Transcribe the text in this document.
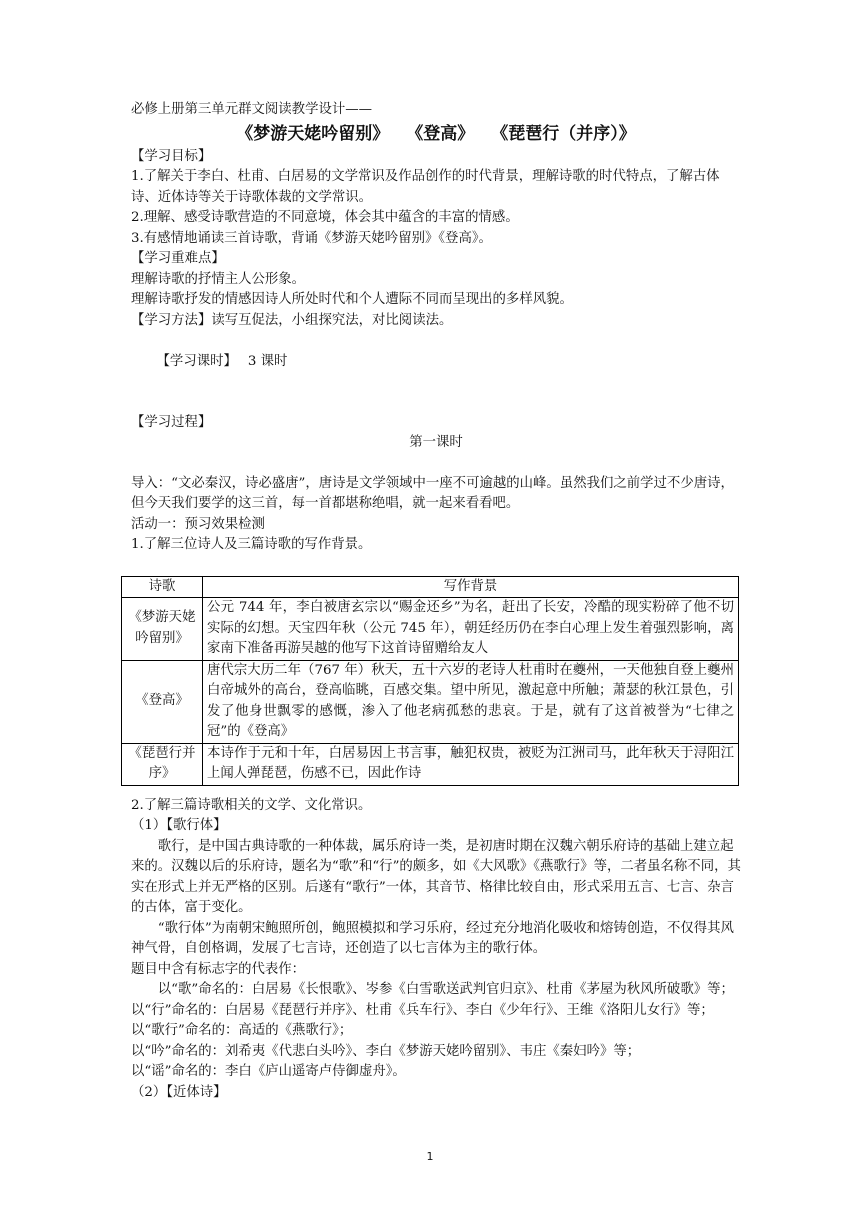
必修上册第三单元群文阅读教学设计——
《梦游天姥吟留别》　　《登高》　　《琵琶行（并序）》
【学习目标】
1.了解关于李白、杜甫、白居易的文学常识及作品创作的时代背景，理解诗歌的时代特点，了解古体诗、近体诗等关于诗歌体裁的文学常识。
2.理解、感受诗歌营造的不同意境，体会其中蕴含的丰富的情感。
3.有感情地诵读三首诗歌，背诵《梦游天姥吟留别》《登高》。
【学习重难点】
理解诗歌的抒情主人公形象。
理解诗歌抒发的情感因诗人所处时代和个人遭际不同而呈现出的多样风貌。
【学习方法】读写互促法，小组探究法，对比阅读法。

【学习课时】　 3 课时

【学习过程】
第一课时
导入：“文必秦汉，诗必盛唐”，唐诗是文学领域中一座不可逾越的山峰。虽然我们之前学过不少唐诗，但今天我们要学的这三首，每一首都堪称绝唱，就一起来看看吧。
活动一：预习效果检测
1.了解三位诗人及三篇诗歌的写作背景。
诗歌	写作背景
《梦游天姥吟留别》	公元 744 年，李白被唐玄宗以“赐金还乡”为名，赶出了长安，冷酷的现实粉碎了他不切实际的幻想。天宝四年秋（公元 745 年），朝廷经历仍在李白心理上发生着强烈影响，离家南下准备再游吴越的他写下这首诗留赠给友人
《登高》	唐代宗大历二年（767 年）秋天，五十六岁的老诗人杜甫时在夔州，一天他独自登上夔州白帝城外的高台，登高临眺，百感交集。望中所见，激起意中所触；萧瑟的秋江景色，引发了他身世飘零的感慨，渗入了他老病孤愁的悲哀。于是，就有了这首被誉为“七律之冠”的《登高》
《琵琶行并序》	本诗作于元和十年，白居易因上书言事，触犯权贵，被贬为江洲司马，此年秋天于浔阳江上闻人弹琵琶，伤感不已，因此作诗
2.了解三篇诗歌相关的文学、文化常识。
（1）【歌行体】
歌行，是中国古典诗歌的一种体裁，属乐府诗一类，是初唐时期在汉魏六朝乐府诗的基础上建立起来的。汉魏以后的乐府诗，题名为“歌”和“行”的颇多，如《大风歌》《燕歌行》等，二者虽名称不同，其实在形式上并无严格的区别。后遂有“歌行”一体，其音节、格律比较自由，形式采用五言、七言、杂言的古体，富于变化。
“歌行体”为南朝宋鲍照所创，鲍照模拟和学习乐府，经过充分地消化吸收和熔铸创造，不仅得其风神气骨，自创格调，发展了七言诗，还创造了以七言体为主的歌行体。
题目中含有标志字的代表作：
以“歌”命名的：白居易《长恨歌》、岑参《白雪歌送武判官归京》、杜甫《茅屋为秋风所破歌》等；
以“行”命名的：白居易《琵琶行并序》、杜甫《兵车行》、李白《少年行》、王维《洛阳儿女行》等；
以“歌行”命名的：高适的《燕歌行》；
以“吟”命名的：刘希夷《代悲白头吟》、李白《梦游天姥吟留别》、韦庄《秦妇吟》等；
以“谣”命名的：李白《庐山遥寄卢侍御虚舟》。
（2）【近体诗】
1
